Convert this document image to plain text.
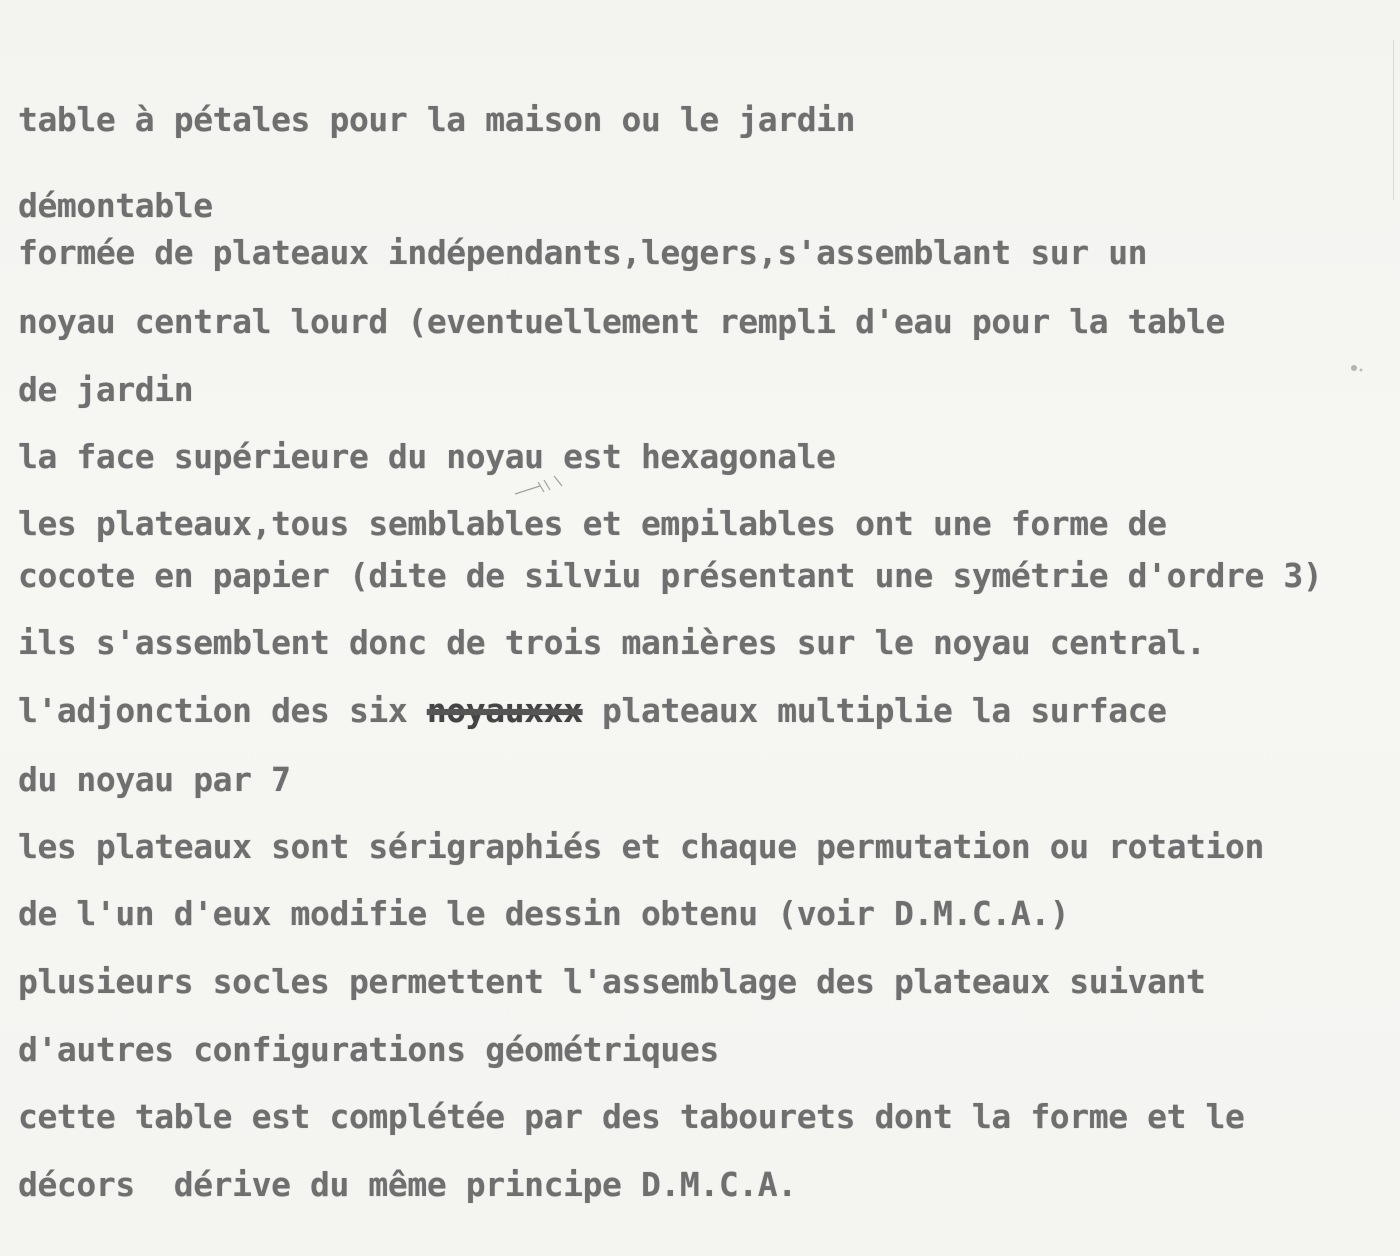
table à pétales pour la maison ou le jardin

démontable

formée de plateaux indépendants,legers,s'assemblant sur un

noyau central lourd (eventuellement rempli d'eau pour la table

de jardin

la face supérieure du noyau est hexagonale

les plateaux,tous semblables et empilables ont une forme de

cocote en papier (dite de silviu présentant une symétrie d'ordre 3)

ils s'assemblent donc de trois manières sur le noyau central.

l'adjonction des six noyauxxx plateaux multiplie la surface

du noyau par 7

les plateaux sont sérigraphiés et chaque permutation ou rotation

de l'un d'eux modifie le dessin obtenu (voir D.M.C.A.)

plusieurs socles permettent l'assemblage des plateaux suivant

d'autres configurations géométriques

cette table est complétée par des tabourets dont la forme et le

décors  dérive du même principe D.M.C.A.
